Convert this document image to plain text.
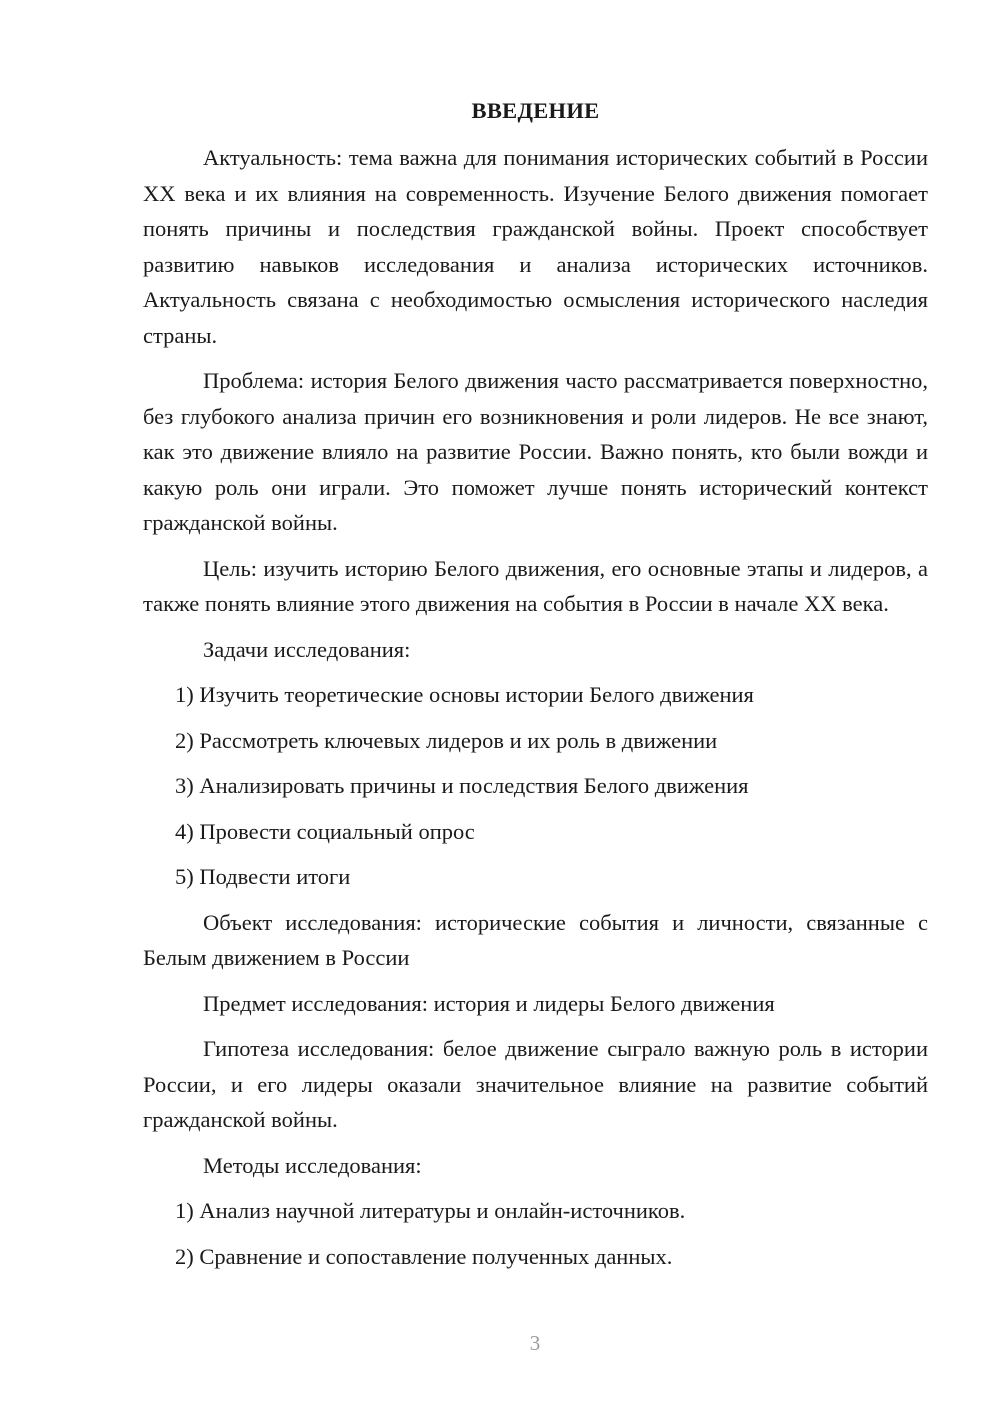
ВВЕДЕНИЕ

Актуальность: тема важна для понимания исторических событий в России XX века и их влияния на современность. Изучение Белого движения помогает понять причины и последствия гражданской войны. Проект способствует развитию навыков исследования и анализа исторических источников. Актуальность связана с необходимостью осмысления исторического наследия страны.

Проблема: история Белого движения часто рассматривается поверхностно, без глубокого анализа причин его возникновения и роли лидеров. Не все знают, как это движение влияло на развитие России. Важно понять, кто были вожди и какую роль они играли. Это поможет лучше понять исторический контекст гражданской войны.

Цель: изучить историю Белого движения, его основные этапы и лидеров, а также понять влияние этого движения на события в России в начале XX века.

Задачи исследования:

1) Изучить теоретические основы истории Белого движения

2) Рассмотреть ключевых лидеров и их роль в движении

3) Анализировать причины и последствия Белого движения

4) Провести социальный опрос

5) Подвести итоги

Объект исследования: исторические события и личности, связанные с Белым движением в России

Предмет исследования: история и лидеры Белого движения

Гипотеза исследования: белое движение сыграло важную роль в истории России, и его лидеры оказали значительное влияние на развитие событий гражданской войны.

Методы исследования:

1) Анализ научной литературы и онлайн-источников.

2) Сравнение и сопоставление полученных данных.

3
